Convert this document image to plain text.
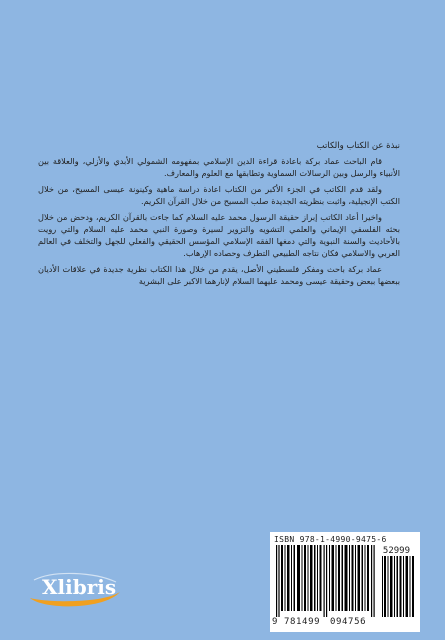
نبذة عن الكتاب والكاتب

قام الباحث عماد بركة باعادة قراءة الدين الإسلامي بمفهومه الشمولي الأبدي والأزلي، والعلاقة بين الأنبياء والرسل وبين الرسالات السماوية وتطابقها مع العلوم والمعارف.

ولقد قدم الكاتب في الجزء الأكبر من الكتاب اعادة دراسة ماهية وكينونة عيسى المسيح، من خلال الكتب الإنجيلية، واثبت بنظريته الجديدة صلب المسيح من خلال القرآن الكريم.

واخيرا أعاد الكاتب إبراز حقيقة الرسول محمد عليه السلام كما جاءت بالقرآن الكريم، ودحض من خلال بحثه الفلسفي الإيماني والعلمي التشويه والتزوير لسيرة وصورة النبي محمد عليه السلام والتي رويت بالأحاديث والسنة النبوية والتي دمغها الفقه الإسلامي المؤسس الحقيقي والفعلي للجهل والتخلف في العالم العربي والاسلامي فكان نتاجه الطبيعي التطرف وحصاده الإرهاب.

عماد بركة باحث ومفكر فلسطيني الأصل، يقدم من خلال هذا الكتاب نظرية جديدة في علاقات الأديان ببعضها ببعض وحقيقة عيسى ومحمد عليهما السلام لإنارهما الاكبر على البشرية

Xlibris
ISBN 978-1-4990-9475-6
52999
9 781499 094756
